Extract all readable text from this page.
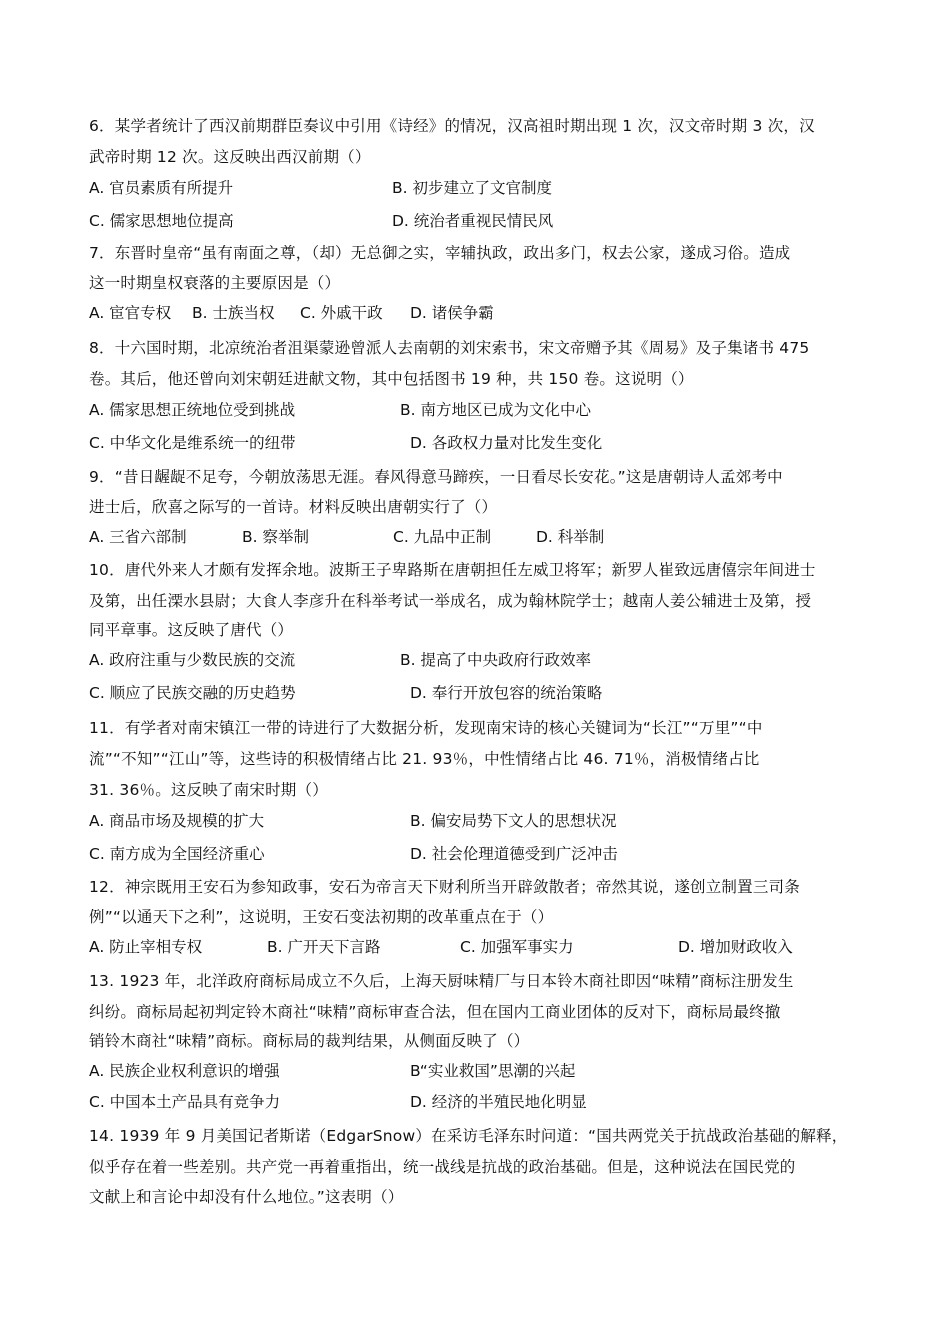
6．某学者统计了西汉前期群臣奏议中引用《诗经》的情况，汉高祖时期出现 1 次，汉文帝时期 3 次，汉
武帝时期 12 次。这反映出西汉前期（）
A. 官员素质有所提升	B. 初步建立了文官制度
C. 儒家思想地位提高	D. 统治者重视民情民风
7．东晋时皇帝“虽有南面之尊，（却）无总御之实，宰辅执政，政出多门，权去公家，遂成习俗。造成
这一时期皇权衰落的主要原因是（）
A. 宦官专权 B. 士族当权 C. 外戚干政 D. 诸侯争霸
8．十六国时期，北凉统治者沮渠蒙逊曾派人去南朝的刘宋索书，宋文帝赠予其《周易》及子集诸书 475
卷。其后，他还曾向刘宋朝廷进献文物，其中包括图书 19 种，共 150 卷。这说明（）
A. 儒家思想正统地位受到挑战	B. 南方地区已成为文化中心
C. 中华文化是维系统一的纽带	D. 各政权力量对比发生变化
9．“昔日龌龊不足夸，今朝放荡思无涯。春风得意马蹄疾，一日看尽长安花。”这是唐朝诗人孟郊考中
进士后，欣喜之际写的一首诗。材料反映出唐朝实行了（）
A. 三省六部制	B. 察举制	C. 九品中正制	D. 科举制
10．唐代外来人才颇有发挥余地。波斯王子卑路斯在唐朝担任左威卫将军；新罗人崔致远唐僖宗年间进士
及第，出任溧水县尉；大食人李彦升在科举考试一举成名，成为翰林院学士；越南人姜公辅进士及第，授
同平章事。这反映了唐代（）
A. 政府注重与少数民族的交流	B. 提高了中央政府行政效率
C. 顺应了民族交融的历史趋势	D. 奉行开放包容的统治策略
11．有学者对南宋镇江一带的诗进行了大数据分析，发现南宋诗的核心关键词为“长江”“万里”“中
流”“不知”“江山”等，这些诗的积极情绪占比 21. 93％，中性情绪占比 46. 71％，消极情绪占比
31. 36％。这反映了南宋时期（）
A. 商品市场及规模的扩大	B. 偏安局势下文人的思想状况
C. 南方成为全国经济重心	D. 社会伦理道德受到广泛冲击
12．神宗既用王安石为参知政事，安石为帝言天下财利所当开辟敛散者；帝然其说，遂创立制置三司条
例”“以通天下之利”，这说明，王安石变法初期的改革重点在于（）
A. 防止宰相专权	B. 广开天下言路	C. 加强军事实力	D. 增加财政收入
13. 1923 年，北洋政府商标局成立不久后，上海天厨味精厂与日本铃木商社即因“味精”商标注册发生
纠纷。商标局起初判定铃木商社“味精”商标审查合法，但在国内工商业团体的反对下，商标局最终撤
销铃木商社“味精”商标。商标局的裁判结果，从侧面反映了（）
A. 民族企业权利意识的增强	B“实业救国”思潮的兴起
C. 中国本土产品具有竞争力	D. 经济的半殖民地化明显
14. 1939 年 9 月美国记者斯诺（EdgarSnow）在采访毛泽东时问道：“国共两党关于抗战政治基础的解释，
似乎存在着一些差别。共产党一再着重指出，统一战线是抗战的政治基础。但是，这种说法在国民党的
文献上和言论中却没有什么地位。”这表明（）
